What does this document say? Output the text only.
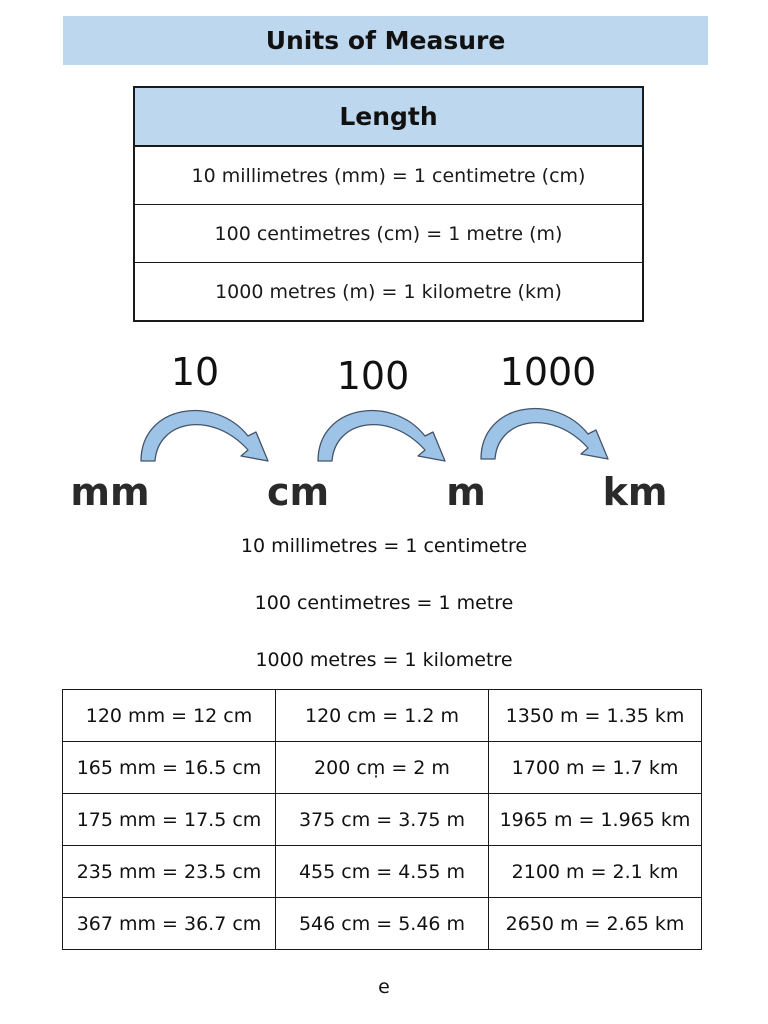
Units of Measure
Length
10 millimetres (mm) = 1 centimetre (cm)
100 centimetres (cm) = 1 metre (m)
1000 metres (m) = 1 kilometre (km)
10	100	1000
mm	cm	m	km
10 millimetres = 1 centimetre
100 centimetres = 1 metre
1000 metres = 1 kilometre
120 mm = 12 cm	120 cm = 1.2 m	1350 m = 1.35 km
165 mm = 16.5 cm	200 cṃ = 2 m	1700 m = 1.7 km
175 mm = 17.5 cm	375 cm = 3.75 m	1965 m = 1.965 km
235 mm = 23.5 cm	455 cm = 4.55 m	2100 m = 2.1 km
367 mm = 36.7 cm	546 cm = 5.46 m	2650 m = 2.65 km
e
